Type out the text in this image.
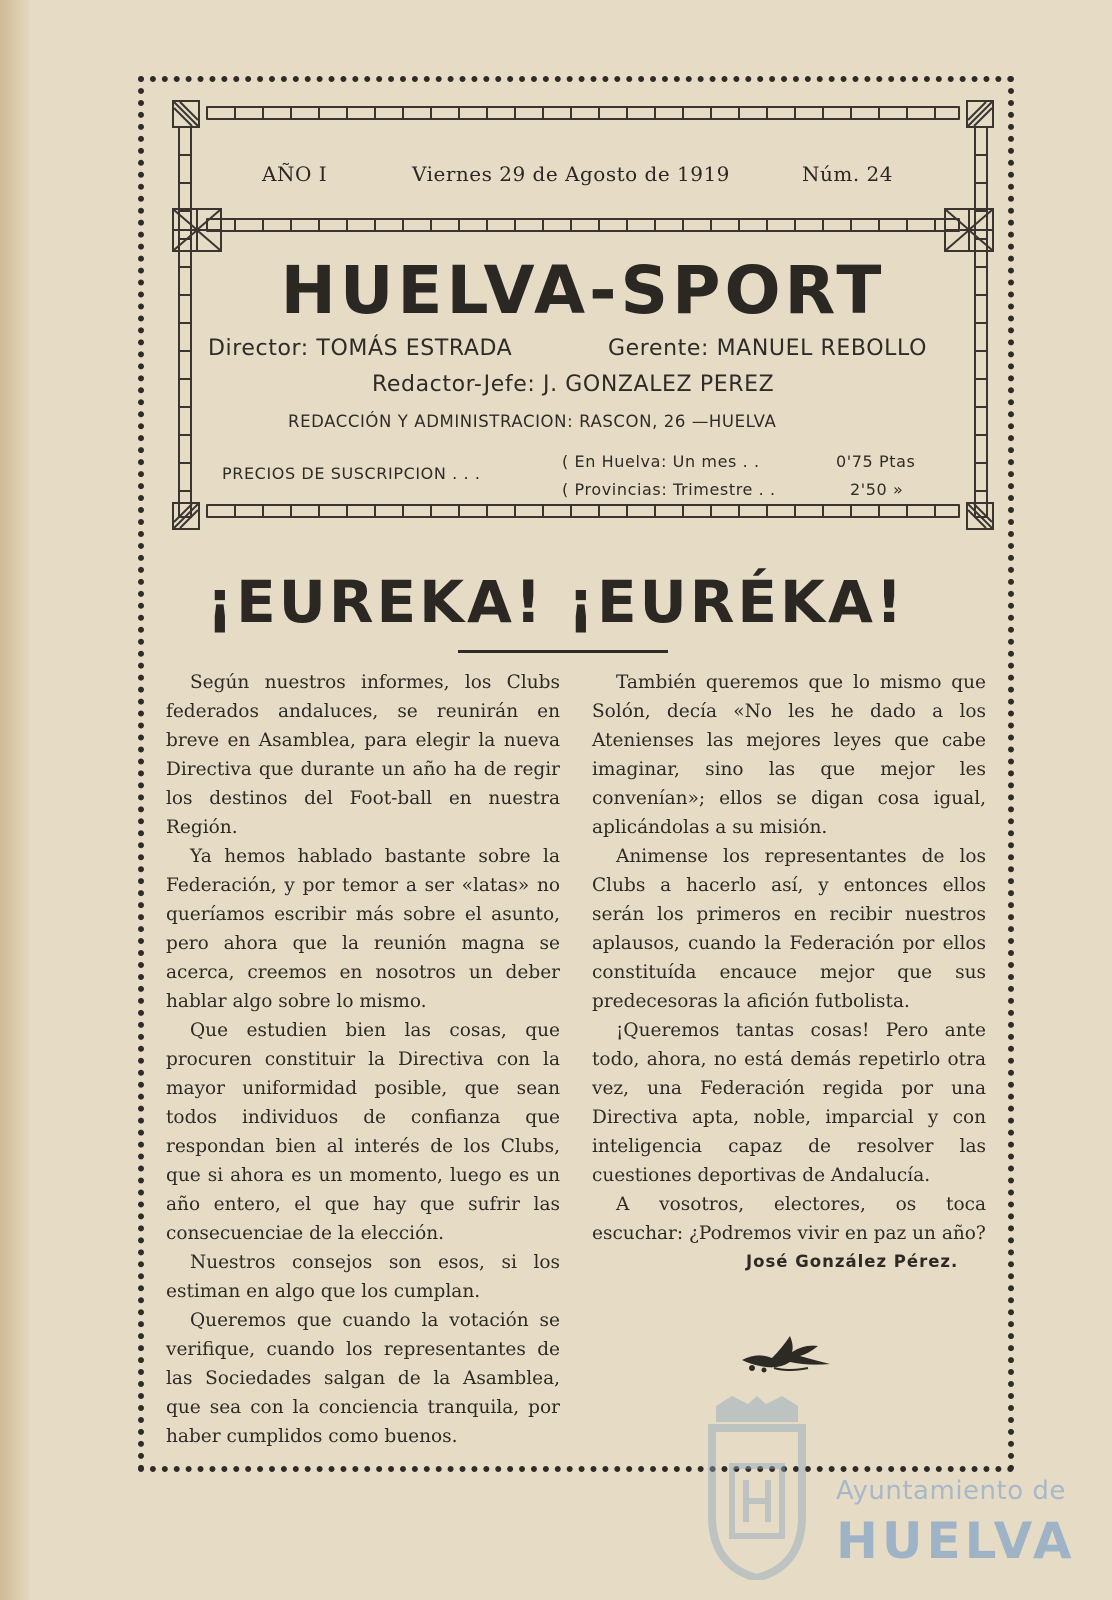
AÑO I	Viernes 29 de Agosto de 1919	Núm. 24
HUELVA-SPORT
Director: TOMÁS ESTRADA	Gerente: MANUEL REBOLLO
Redactor-Jefe: J. GONZALEZ PEREZ
REDACCIÓN Y ADMINISTRACION: RASCON, 26 —HUELVA
PRECIOS DE SUSCRIPCION . . .
( En Huelva: Un mes . .	0'75 Ptas
( Provincias: Trimestre . .	2'50 »
¡EUREKA! ¡EURÉKA!

Según nuestros informes, los Clubs federados andaluces, se reunirán en breve en Asamblea, para elegir la nueva Directiva que durante un año ha de regir los destinos del Foot-ball en nuestra Región.

Ya hemos hablado bastante sobre la Federación, y por temor a ser «latas» no queríamos escribir más sobre el asunto, pero ahora que la reunión magna se acerca, creemos en nosotros un deber hablar algo sobre lo mismo.

Que estudien bien las cosas, que procuren constituir la Directiva con la mayor uniformidad posible, que sean todos individuos de confianza que respondan bien al interés de los Clubs, que si ahora es un momento, luego es un año entero, el que hay que sufrir las consecuenciae de la elección.

Nuestros consejos son esos, si los estiman en algo que los cumplan.

Queremos que cuando la votación se verifique, cuando los representantes de las Sociedades salgan de la Asamblea, que sea con la conciencia tranquila, por haber cumplidos como buenos.

También queremos que lo mismo que Solón, decía «No les he dado a los Atenienses las mejores leyes que cabe imaginar, sino las que mejor les convenían»; ellos se digan cosa igual, aplicándolas a su misión.

Animense los representantes de los Clubs a hacerlo así, y entonces ellos serán los primeros en recibir nuestros aplausos, cuando la Federación por ellos constituída encauce mejor que sus predecesoras la afición futbolista.

¡Queremos tantas cosas! Pero ante todo, ahora, no está demás repetirlo otra vez, una Federación regida por una Directiva apta, noble, imparcial y con inteligencia capaz de resolver las cuestiones deportivas de Andalucía.

A vosotros, electores, os toca escuchar: ¿Podremos vivir en paz un año?

José González Pérez.
Ayuntamiento de
HUELVA
